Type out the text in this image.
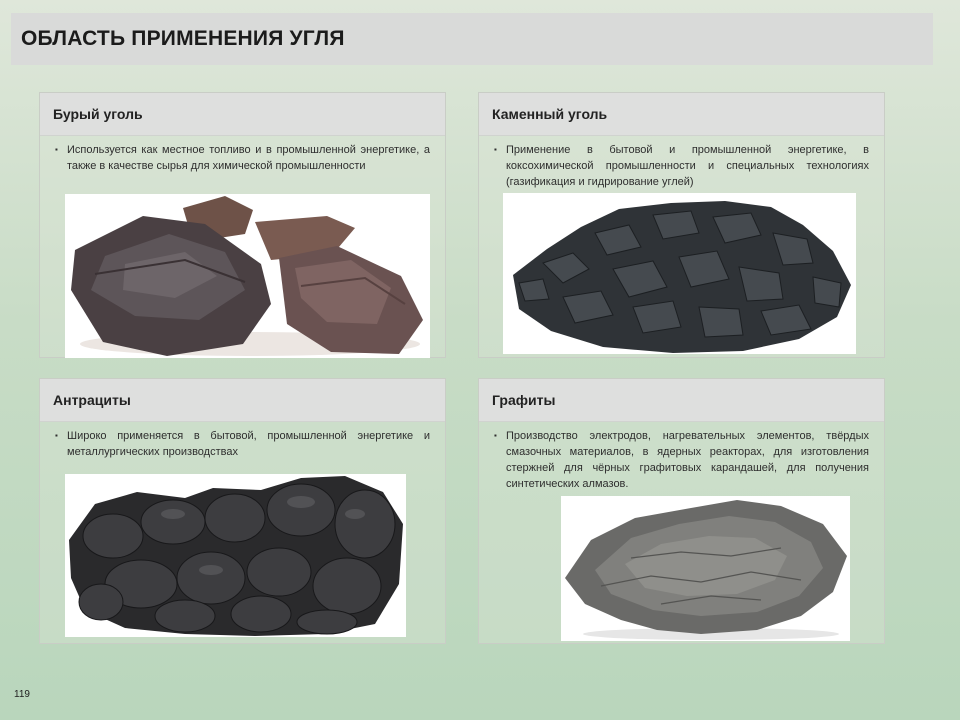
ОБЛАСТЬ ПРИМЕНЕНИЯ УГЛЯ
Бурый уголь
▪ Используется как местное топливо и в промышленной энергетике, а также в качестве сырья для химической промышленности
Каменный уголь
▪ Применение в бытовой и промышленной энергетике, в коксохимической промышленности и специальных технологиях (газификация и гидрирование углей)
Антрациты
▪ Широко применяется в бытовой, промышленной энергетике и металлургических производствах
Графиты
▪ Производство электродов, нагревательных элементов, твёрдых смазочных материалов, в ядерных реакторах, для изготовления стержней для чёрных графитовых карандашей, для получения синтетических алмазов.
119
